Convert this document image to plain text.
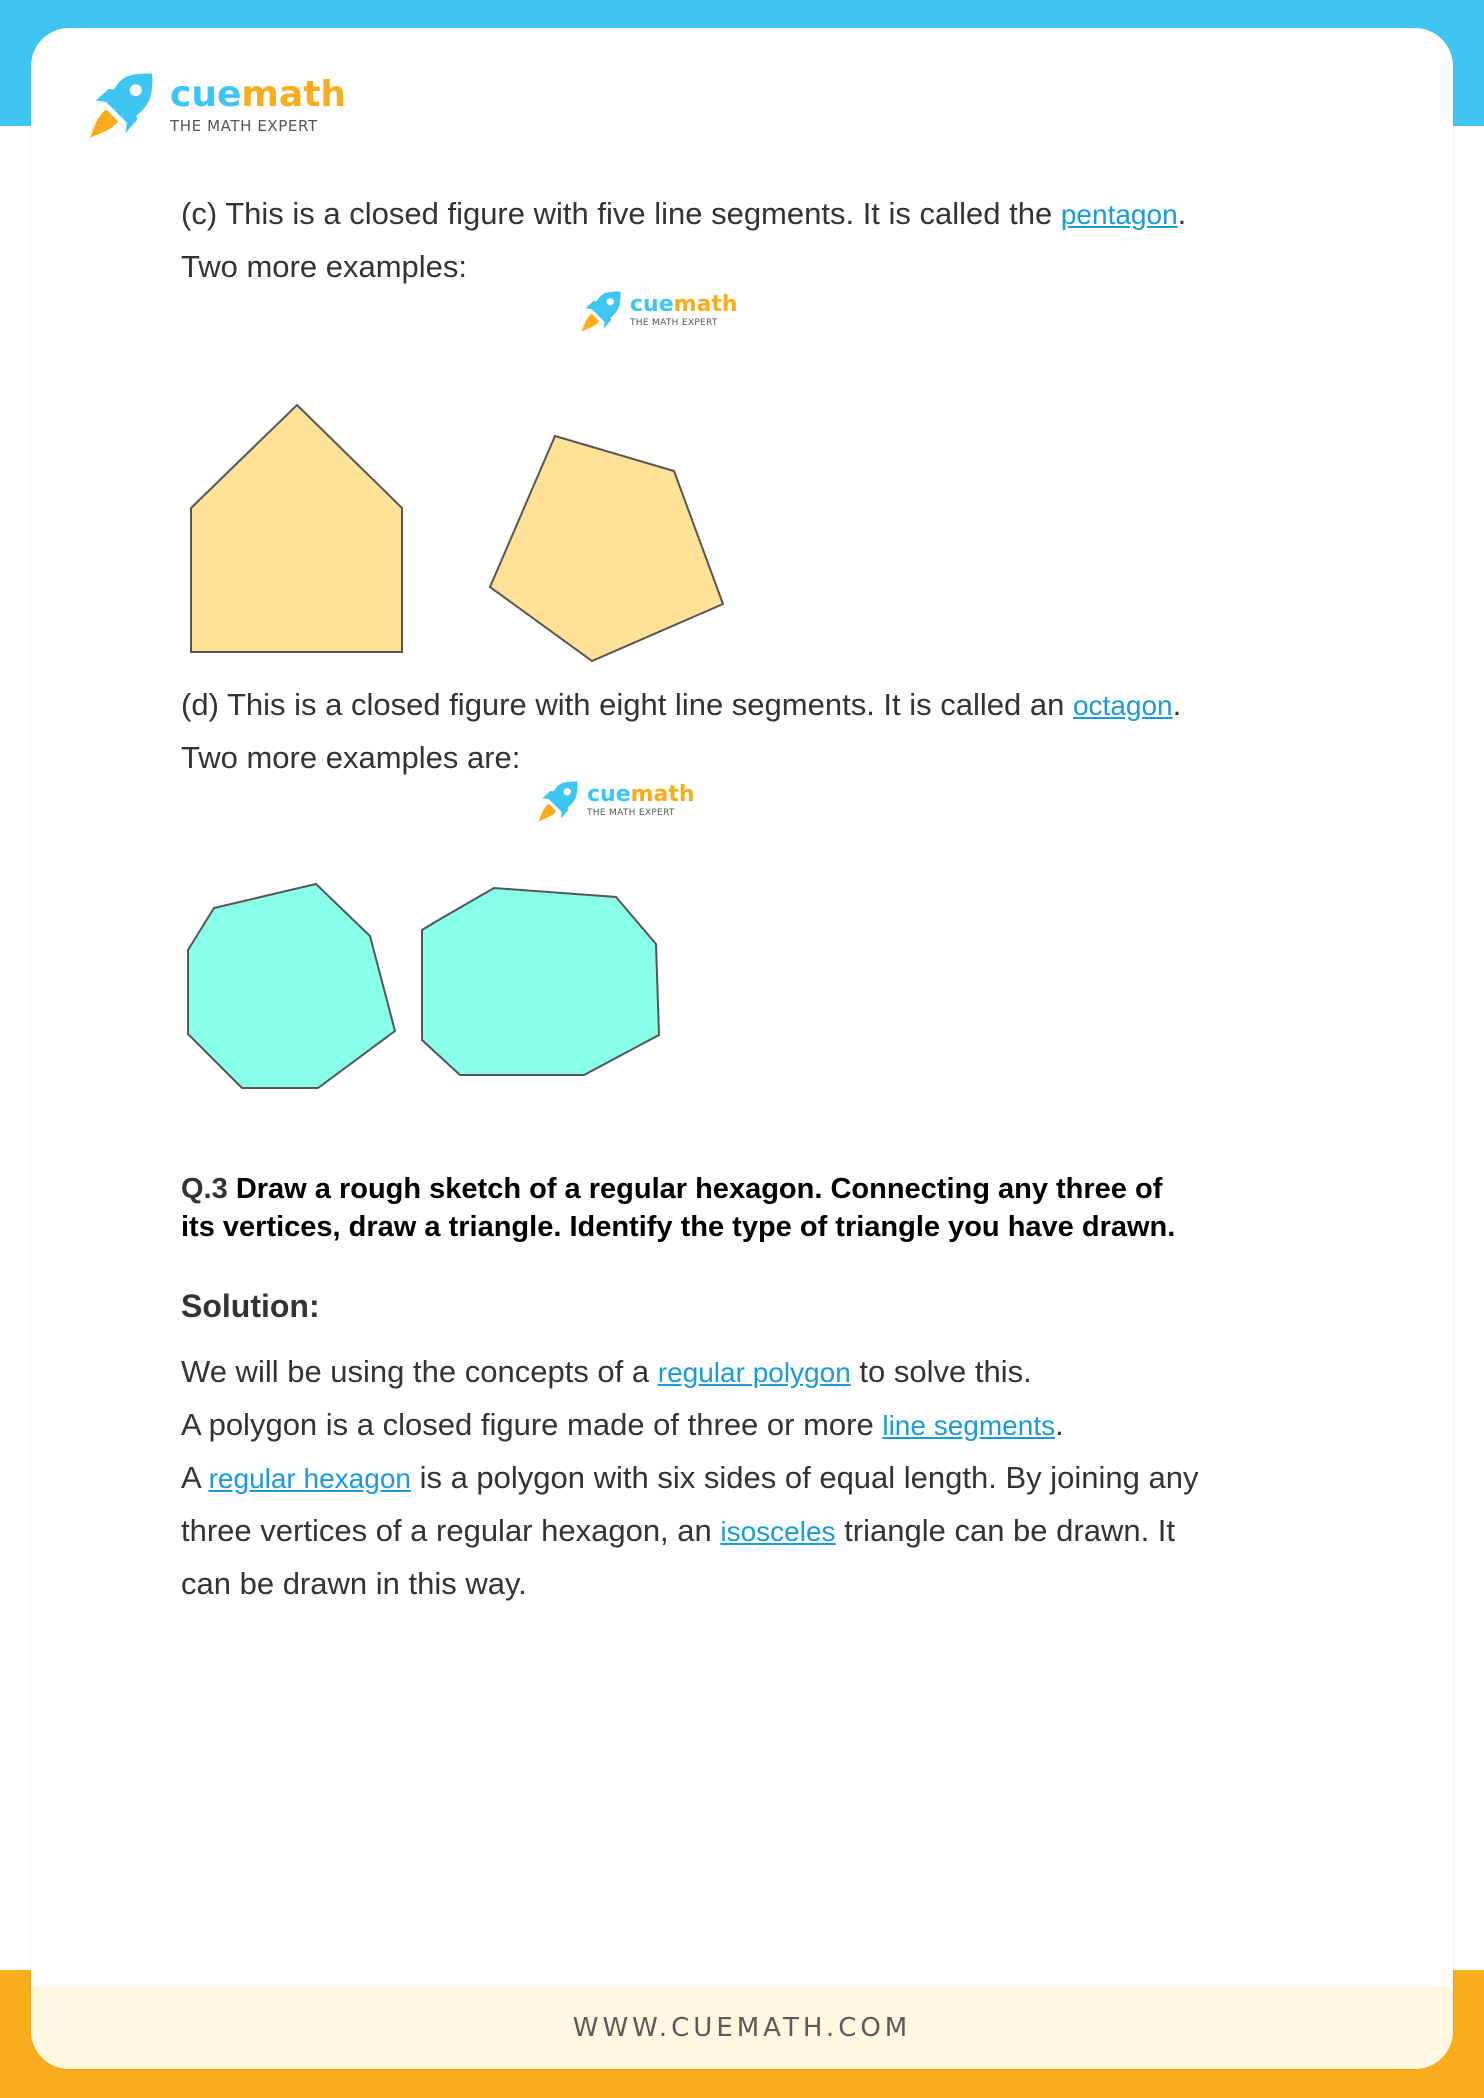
WWW.CUEMATH.COM
cuemath
THE MATH EXPERT

(c) This is a closed figure with five line segments. It is called the pentagon.

Two more examples:

cuemath
THE MATH EXPERT

(d) This is a closed figure with eight line segments. It is called an octagon.

Two more examples are:

cuemath
THE MATH EXPERT
Q.3 Draw a rough sketch of a regular hexagon. Connecting any three of
its vertices, draw a triangle. Identify the type of triangle you have drawn.
Solution:

We will be using the concepts of a regular polygon to solve this.

A polygon is a closed figure made of three or more line segments.

A regular hexagon is a polygon with six sides of equal length. By joining any

three vertices of a regular hexagon, an isosceles triangle can be drawn. It

can be drawn in this way.
